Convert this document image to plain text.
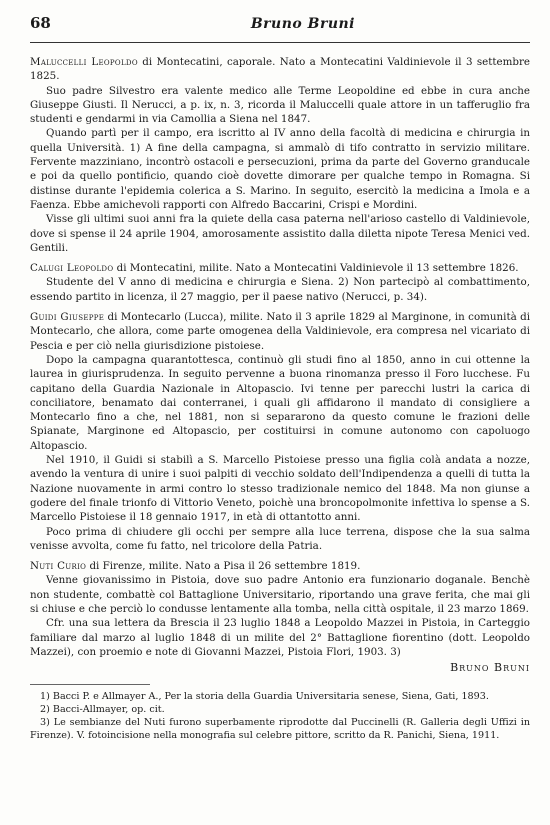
68	Bruno Bruni

Maluccelli Leopoldo di Montecatini, caporale. Nato a Montecatini Valdinievole il 3 settembre 1825.

Suo padre Silvestro era valente medico alle Terme Leopoldine ed ebbe in cura anche Giuseppe Giusti. Il Nerucci, a p. ix, n. 3, ricorda il Maluccelli quale attore in un tafferuglio fra studenti e gendarmi in via Camollia a Siena nel 1847.

Quando partì per il campo, era iscritto al IV anno della facoltà di medicina e chirurgia in quella Università. 1) A fine della campagna, si ammalò di tifo contratto in servizio militare. Fervente mazziniano, incontrò ostacoli e persecuzioni, prima da parte del Governo granducale e poi da quello pontificio, quando cioè dovette dimorare per qualche tempo in Romagna. Si distinse durante l'epidemia colerica a S. Marino. In seguito, esercitò la medicina a Imola e a Faenza. Ebbe amichevoli rapporti con Alfredo Baccarini, Crispi e Mordini.

Visse gli ultimi suoi anni fra la quiete della casa paterna nell'arioso castello di Valdinievole, dove si spense il 24 aprile 1904, amorosamente assistito dalla diletta nipote Teresa Menici ved. Gentili.

Calugi Leopoldo di Montecatini, milite. Nato a Montecatini Valdinievole il 13 settembre 1826.

Studente del V anno di medicina e chirurgia e Siena. 2) Non partecipò al combattimento, essendo partito in licenza, il 27 maggio, per il paese nativo (Nerucci, p. 34).

Guidi Giuseppe di Montecarlo (Lucca), milite. Nato il 3 aprile 1829 al Marginone, in comunità di Montecarlo, che allora, come parte omogenea della Valdinievole, era compresa nel vicariato di Pescia e per ciò nella giurisdizione pistoiese.

Dopo la campagna quarantottesca, continuò gli studi fino al 1850, anno in cui ottenne la laurea in giurisprudenza. In seguito pervenne a buona rinomanza presso il Foro lucchese. Fu capitano della Guardia Nazionale in Altopascio. Ivi tenne per parecchi lustri la carica di conciliatore, benamato dai conterranei, i quali gli affidarono il mandato di consigliere a Montecarlo fino a che, nel 1881, non si separarono da questo comune le frazioni delle Spianate, Marginone ed Altopascio, per costituirsi in comune autonomo con capoluogo Altopascio.

Nel 1910, il Guidi si stabilì a S. Marcello Pistoiese presso una figlia colà andata a nozze, avendo la ventura di unire i suoi palpiti di vecchio soldato dell'Indipendenza a quelli di tutta la Nazione nuovamente in armi contro lo stesso tradizionale nemico del 1848. Ma non giunse a godere del finale trionfo di Vittorio Veneto, poichè una broncopolmonite infettiva lo spense a S. Marcello Pistoiese il 18 gennaio 1917, in età di ottantotto anni.

Poco prima di chiudere gli occhi per sempre alla luce terrena, dispose che la sua salma venisse avvolta, come fu fatto, nel tricolore della Patria.

Nuti Curio di Firenze, milite. Nato a Pisa il 26 settembre 1819.

Venne giovanissimo in Pistoia, dove suo padre Antonio era funzionario doganale. Benchè non studente, combattè col Battaglione Universitario, riportando una grave ferita, che mai gli si chiuse e che perciò lo condusse lentamente alla tomba, nella città ospitale, il 23 marzo 1869.

Cfr. una sua lettera da Brescia il 23 luglio 1848 a Leopoldo Mazzei in Pistoia, in Carteggio familiare dal marzo al luglio 1848 di un milite del 2° Battaglione fiorentino (dott. Leopoldo Mazzei), con proemio e note di Giovanni Mazzei, Pistoia Flori, 1903. 3)

Bruno Bruni

1) Bacci P. e Allmayer A., Per la storia della Guardia Universitaria senese, Siena, Gati, 1893.

2) Bacci-Allmayer, op. cit.

3) Le sembianze del Nuti furono superbamente riprodotte dal Puccinelli (R. Galleria degli Uffizi in Firenze). V. fotoincisione nella monografia sul celebre pittore, scritto da R. Panichi, Siena, 1911.
